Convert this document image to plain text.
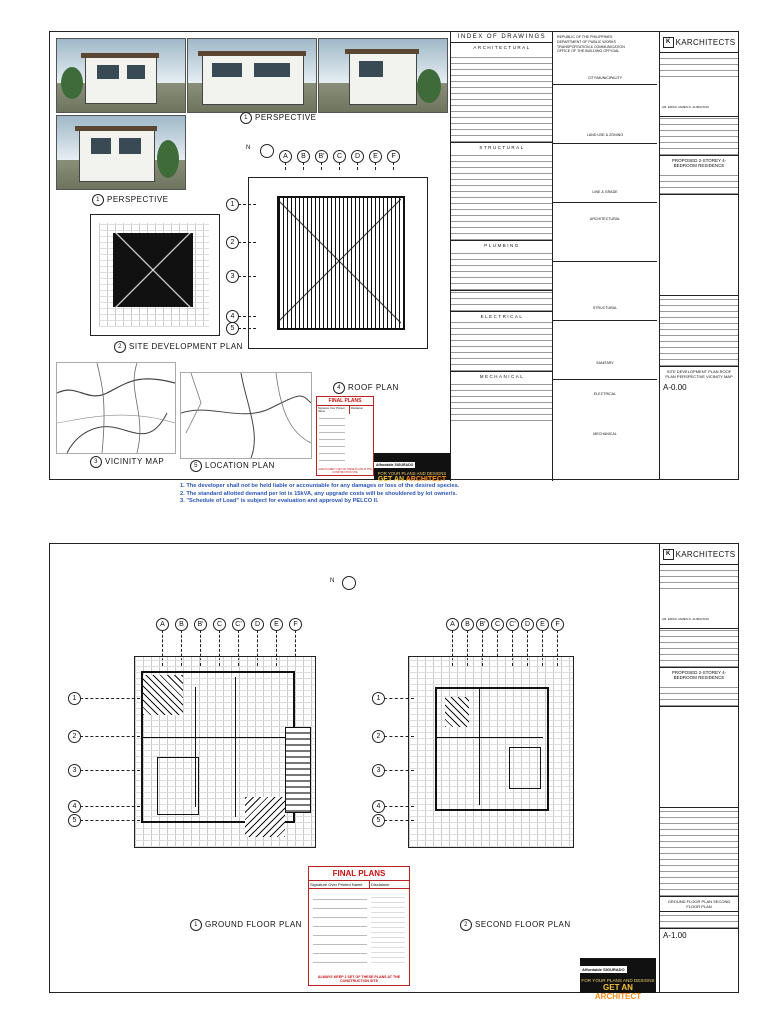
1 PERSPECTIVE
1 PERSPECTIVE
2 SITE DEVELOPMENT PLAN
N
A	B	B'	C	D	E	F
1
2
3
4
5
4 ROOF PLAN
3 VICINITY MAP	5 LOCATION PLAN
FINAL PLANS
Signature Over Printed Name
Disclaimer
ALWAYS KEEP 1 SET OF THESE PLANS AT THE CONSTRUCTION SITE
Affordable SIGURADO
FOR YOUR PLANS AND DESIGNS
GET AN ARCHITECT
INDEX OF DRAWINGS
ARCHITECTURAL
STRUCTURAL
PLUMBING
ELECTRICAL
MECHANICAL
REPUBLIC OF THE PHILIPPINES
DEPARTMENT OF PUBLIC WORKS
TRANSPORTATION & COMMUNICATION
OFFICE OF THE BUILDING OFFICIAL
CITY/MUNICIPALITY
LAND USE & ZONING
LINE & GRADE
ARCHITECTURAL
STRUCTURAL
SANITARY
ELECTRICAL
MECHANICAL
K KARCHITECTS
AR. ERICK JAMES R. ALIBAYANO
PROPOSED 2-STOREY 4-BEDROOM RESIDENCE
SITE DEVELOPMENT PLAN ROOF PLAN PERSPECTIVE VICINITY MAP
A-0.00
1. The developer shall not be held liable or accountable for any damages or loss of the desired species.
2. The standard allotted demand per lot is 15kVA, any upgrade costs will be shouldered by lot owner/s.
3. "Schedule of Load" is subject for evaluation and approval by PELCO II.
N
A	B	B'	C	C'	D	E	F
1
2
3
4
5
A	B	B'	C	C'	D	E	F
1
2
3
4
5
1 GROUND FLOOR PLAN	2 SECOND FLOOR PLAN
FINAL PLANS
Signature Over Printed Name	Disclaimer
ALWAYS KEEP 1 SET OF THESE PLANS AT THE CONSTRUCTION SITE
Affordable SIGURADO
FOR YOUR PLANS AND DESIGNS
GET AN ARCHITECT
K KARCHITECTS
AR. ERICK JAMES R. ALIBAYANO
PROPOSED 2-STOREY 4-BEDROOM RESIDENCE
GROUND FLOOR PLAN SECOND FLOOR PLAN
A-1.00
